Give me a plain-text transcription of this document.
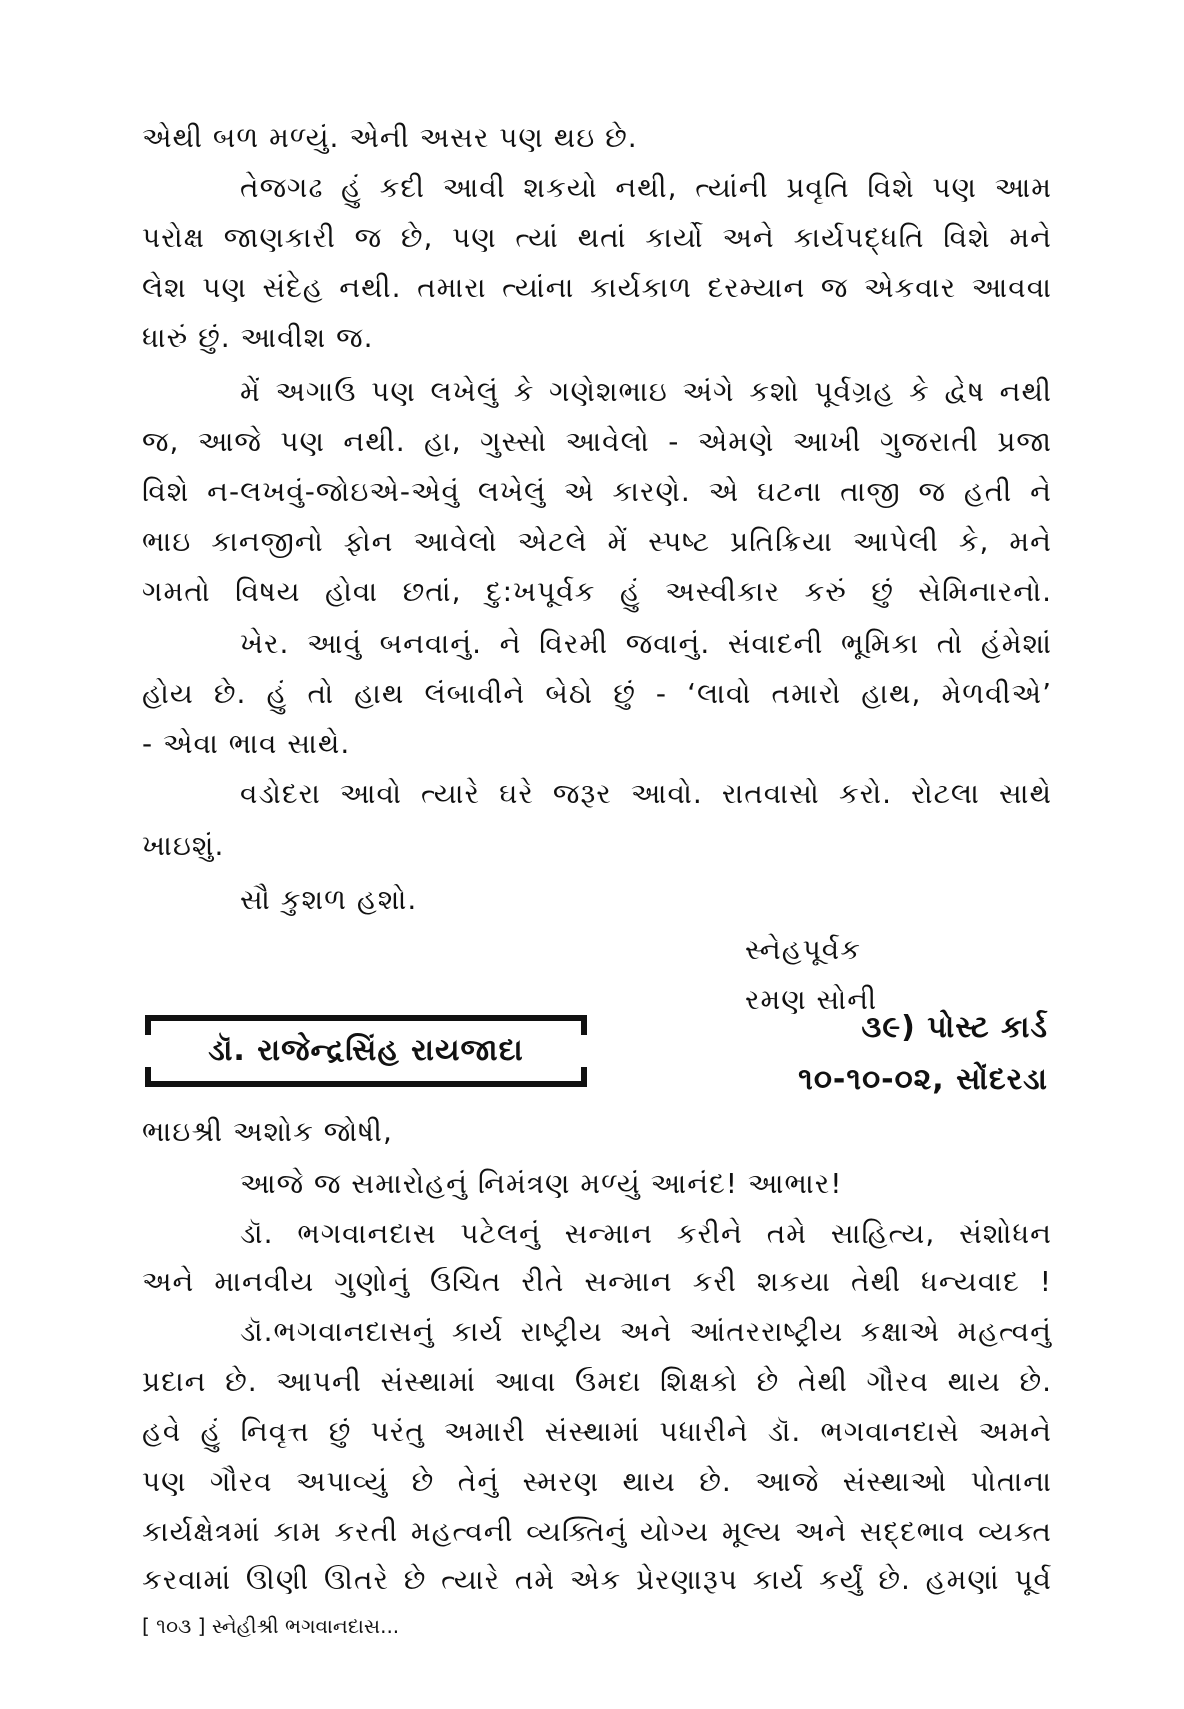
એથી બળ મળ્યું. એની અસર પણ થઇ છે.
તેજગઢ હું કદી આવી શકયો નથી, ત્યાંની પ્રવૃતિ વિશે પણ આમ
પરોક્ષ જાણકારી જ છે, પણ ત્યાં થતાં કાર્યો અને કાર્યપદ્ધતિ વિશે મને
લેશ પણ સંદેહ નથી. તમારા ત્યાંના કાર્યકાળ દરમ્યાન જ એકવાર આવવા
ધારું છું. આવીશ જ.
મેં અગાઉ પણ લખેલું કે ગણેશભાઇ અંગે કશો પૂર્વગ્રહ કે દ્વેષ નથી
જ, આજે પણ નથી. હા, ગુસ્સો આવેલો - એમણે આખી ગુજરાતી પ્રજા
વિશે ન-લખવું-જોઇએ-એવું લખેલું એ કારણે. એ ઘટના તાજી જ હતી ને
ભાઇ કાનજીનો ફોન આવેલો એટલે મેં સ્પષ્ટ પ્રતિક્રિયા આપેલી કે, મને
ગમતો વિષય હોવા છતાં, દુ:ખપૂર્વક હું અસ્વીકાર કરું છું સેમિનારનો.
ખેર. આવું બનવાનું. ને વિરમી જવાનું. સંવાદની ભૂમિકા તો હંમેશાં
હોય છે. હું તો હાથ લંબાવીને બેઠો છું - ‘લાવો તમારો હાથ, મેળવીએ’
- એવા ભાવ સાથે.
વડોદરા આવો ત્યારે ઘરે જરૂર આવો. રાતવાસો કરો. રોટલા સાથે
ખાઇશું.
સૌ કુશળ હશો.
સ્નેહપૂર્વક
રમણ સોની
ડૉ. રાજેન્દ્રસિંહ રાયજાદા
૩૯) પોસ્ટ કાર્ડ
૧૦-૧૦-૦૨, સોંદરડા
ભાઇશ્રી અશોક જોષી,
આજે જ સમારોહનું નિમંત્રણ મળ્યું આનંદ! આભાર!
ડૉ. ભગવાનદાસ પટેલનું સન્માન કરીને તમે સાહિત્ય, સંશોધન
અને માનવીય ગુણોનું ઉચિત રીતે સન્માન કરી શકયા તેથી ધન્યવાદ !
ડૉ.ભગવાનદાસનું કાર્ય રાષ્ટ્રીય અને આંતરરાષ્ટ્રીય કક્ષાએ મહત્વનું
પ્રદાન છે. આપની સંસ્થામાં આવા ઉમદા શિક્ષકો છે તેથી ગૌરવ થાય છે.
હવે હું નિવૃત્ત છું પરંતુ અમારી સંસ્થામાં પધારીને ડૉ. ભગવાનદાસે અમને
પણ ગૌરવ અપાવ્યું છે તેનું સ્મરણ થાય છે. આજે સંસ્થાઓ પોતાના
કાર્યક્ષેત્રમાં કામ કરતી મહત્વની વ્યક્તિનું યોગ્ય મૂલ્ય અને સદ્દભાવ વ્યક્ત
કરવામાં ઊણી ઊતરે છે ત્યારે તમે એક પ્રેરણારૂપ કાર્ય કર્યું છે. હમણાં પૂર્વ
[ ૧૦૩ ] સ્નેહીશ્રી ભગવાનદાસ...
